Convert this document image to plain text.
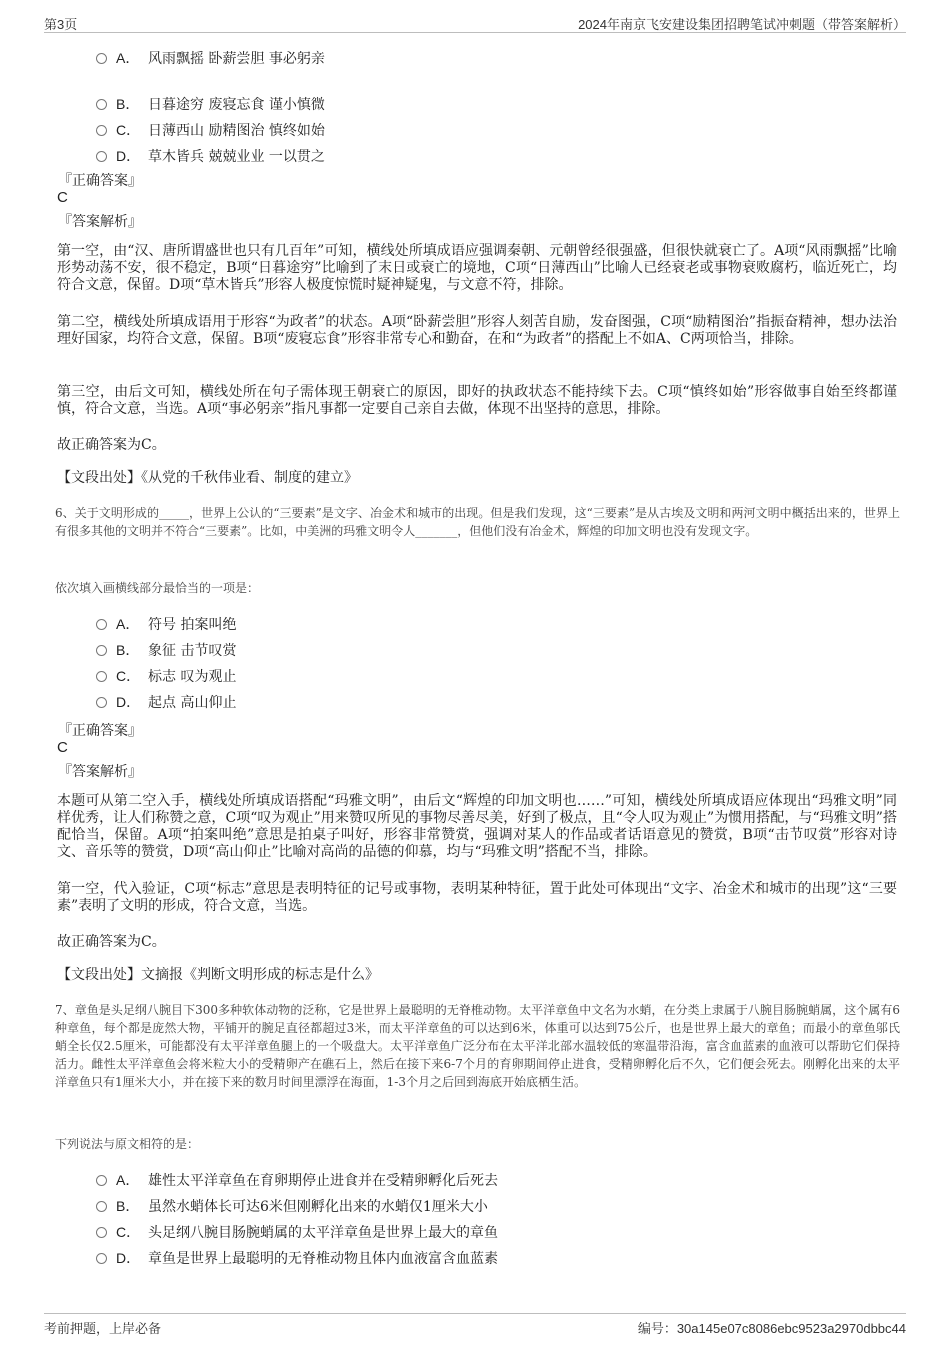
第3页	2024年南京飞安建设集团招聘笔试冲刺题（带答案解析）
A． 风雨飘摇 卧薪尝胆 事必躬亲
B． 日暮途穷 废寝忘食 谨小慎微
C． 日薄西山 励精图治 慎终如始
D． 草木皆兵 兢兢业业 一以贯之
『正确答案』
C
『答案解析』

第一空，由“汉、唐所谓盛世也只有几百年”可知，横线处所填成语应强调秦朝、元朝曾经很强盛，但很快就衰亡了。A项“风雨飘摇”比喻形势动荡不安，很不稳定，B项“日暮途穷”比喻到了末日或衰亡的境地，C项“日薄西山”比喻人已经衰老或事物衰败腐朽，临近死亡，均符合文意，保留。D项“草木皆兵”形容人极度惊慌时疑神疑鬼，与文意不符，排除。

第二空，横线处所填成语用于形容“为政者”的状态。A项“卧薪尝胆”形容人刻苦自励，发奋图强，C项“励精图治”指振奋精神，想办法治理好国家，均符合文意，保留。B项“废寝忘食”形容非常专心和勤奋，在和“为政者”的搭配上不如A、C两项恰当，排除。

第三空，由后文可知，横线处所在句子需体现王朝衰亡的原因，即好的执政状态不能持续下去。C项“慎终如始”形容做事自始至终都谨慎，符合文意，当选。A项“事必躬亲”指凡事都一定要自己亲自去做，体现不出坚持的意思，排除。

故正确答案为C。

【文段出处】《从党的千秋伟业看、制度的建立》

6、关于文明形成的_____，世界上公认的“三要素”是文字、冶金术和城市的出现。但是我们发现，这“三要素”是从古埃及文明和两河文明中概括出来的，世界上有很多其他的文明并不符合“三要素”。比如，中美洲的玛雅文明令人_______，但他们没有冶金术，辉煌的印加文明也没有发现文字。

依次填入画横线部分最恰当的一项是：

A． 符号 拍案叫绝
B． 象征 击节叹赏
C． 标志 叹为观止
D． 起点 高山仰止
『正确答案』
C
『答案解析』

本题可从第二空入手，横线处所填成语搭配“玛雅文明”，由后文“辉煌的印加文明也……”可知，横线处所填成语应体现出“玛雅文明”同样优秀，让人们称赞之意，C项“叹为观止”用来赞叹所见的事物尽善尽美，好到了极点，且“令人叹为观止”为惯用搭配，与“玛雅文明”搭配恰当，保留。A项“拍案叫绝”意思是拍桌子叫好，形容非常赞赏，强调对某人的作品或者话语意见的赞赏，B项“击节叹赏”形容对诗文、音乐等的赞赏，D项“高山仰止”比喻对高尚的品德的仰慕，均与“玛雅文明”搭配不当，排除。

第一空，代入验证，C项“标志”意思是表明特征的记号或事物，表明某种特征，置于此处可体现出“文字、冶金术和城市的出现”这“三要素”表明了文明的形成，符合文意，当选。

故正确答案为C。

【文段出处】文摘报《判断文明形成的标志是什么》

7、章鱼是头足纲八腕目下300多种软体动物的泛称，它是世界上最聪明的无脊椎动物。太平洋章鱼中文名为水蛸，在分类上隶属于八腕目肠腕蛸属，这个属有6种章鱼，每个都是庞然大物，平铺开的腕足直径都超过3米，而太平洋章鱼的可以达到6米，体重可以达到75公斤，也是世界上最大的章鱼；而最小的章鱼邬氏蛸全长仅2.5厘米，可能都没有太平洋章鱼腿上的一个吸盘大。太平洋章鱼广泛分布在太平洋北部水温较低的寒温带沿海，富含血蓝素的血液可以帮助它们保持活力。雌性太平洋章鱼会将米粒大小的受精卵产在礁石上，然后在接下来6-7个月的育卵期间停止进食，受精卵孵化后不久，它们便会死去。刚孵化出来的太平洋章鱼只有1厘米大小，并在接下来的数月时间里漂浮在海面，1-3个月之后回到海底开始底栖生活。

下列说法与原文相符的是：

A． 雄性太平洋章鱼在育卵期停止进食并在受精卵孵化后死去
B． 虽然水蛸体长可达6米但刚孵化出来的水蛸仅1厘米大小
C． 头足纲八腕目肠腕蛸属的太平洋章鱼是世界上最大的章鱼
D． 章鱼是世界上最聪明的无脊椎动物且体内血液富含血蓝素
考前押题，上岸必备	编号：30a145e07c8086ebc9523a2970dbbc44
